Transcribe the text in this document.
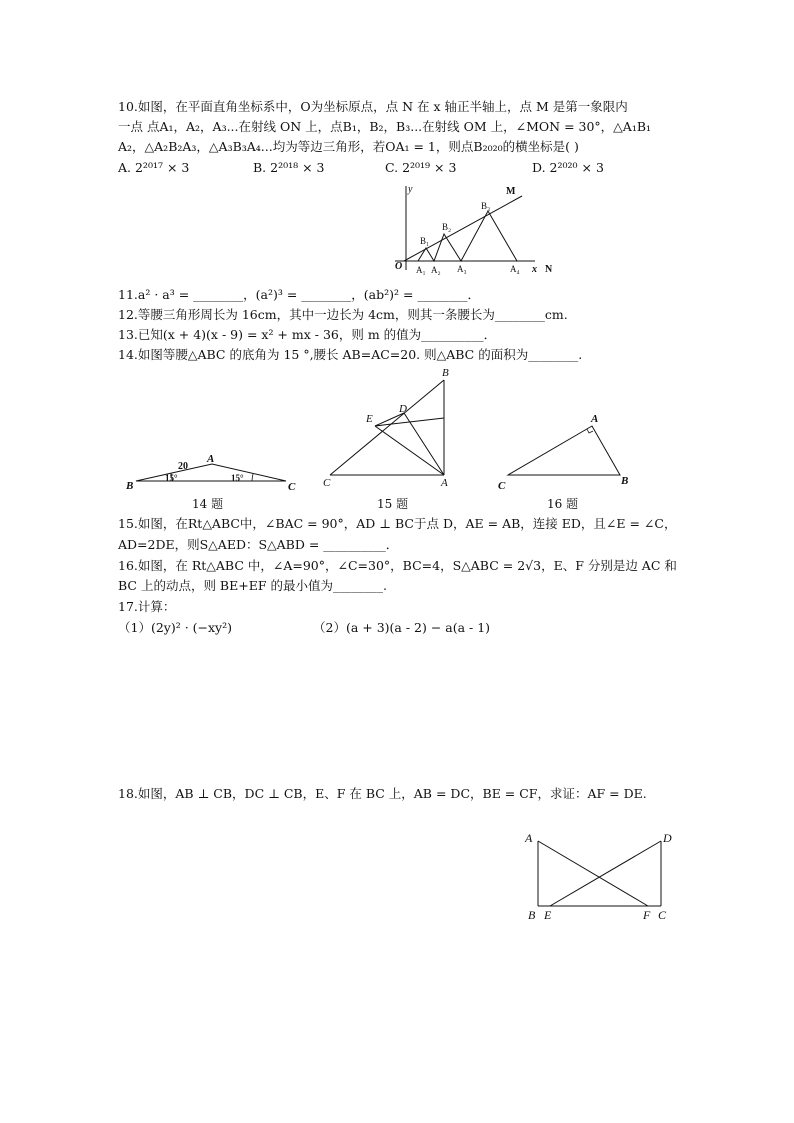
10.如图，在平面直角坐标系中，O为坐标原点，点 N 在 x 轴正半轴上，点 M 是第一象限内
一点 点A₁，A₂，A₃...在射线 ON 上，点B₁，B₂，B₃...在射线 OM 上，∠MON = 30°，△A₁B₁
A₂，△A₂B₂A₃，△A₃B₃A₄...均为等边三角形，若OA₁ = 1，则点B₂₀₂₀的横坐标是( )
A. 2²⁰¹⁷ × 3	B. 2²⁰¹⁸ × 3	C. 2²⁰¹⁹ × 3	D. 2²⁰²⁰ × 3
y	M
O	x N
B₁
B₂
B₃
A₁ A₂ A₃	A₄
11.a² · a³ = ________，(a²)³ = ________，(ab²)² = ________．
12.等腰三角形周长为 16cm，其中一边长为 4cm，则其一条腰长为________cm.
13.已知(x + 4)(x - 9) = x² + mx - 36，则 m 的值为__________．
14.如图等腰△ABC 的底角为 15 °,腰长 AB=AC=20. 则△ABC 的面积为________.
A
B	C
20
15°	15°
14 题
B
D
E
C	A
15 题
A
C	B
16 题
15.如图，在Rt△ABC中，∠BAC = 90°，AD ⊥ BC于点 D，AE = AB，连接 ED，且∠E = ∠C，
AD=2DE，则S△AED：S△ABD = __________．
16.如图，在 Rt△ABC 中，∠A=90°，∠C=30°，BC=4，S△ABC = 2√3，E、F 分别是边 AC 和
BC 上的动点，则 BE+EF 的最小值为________.
17.计算：
（1）(2y)² · (−xy²)	（2）(a + 3)(a - 2) − a(a - 1)
18.如图，AB ⊥ CB，DC ⊥ CB，E、F 在 BC 上，AB = DC，BE = CF，求证：AF = DE.
A	D
B E	F C
